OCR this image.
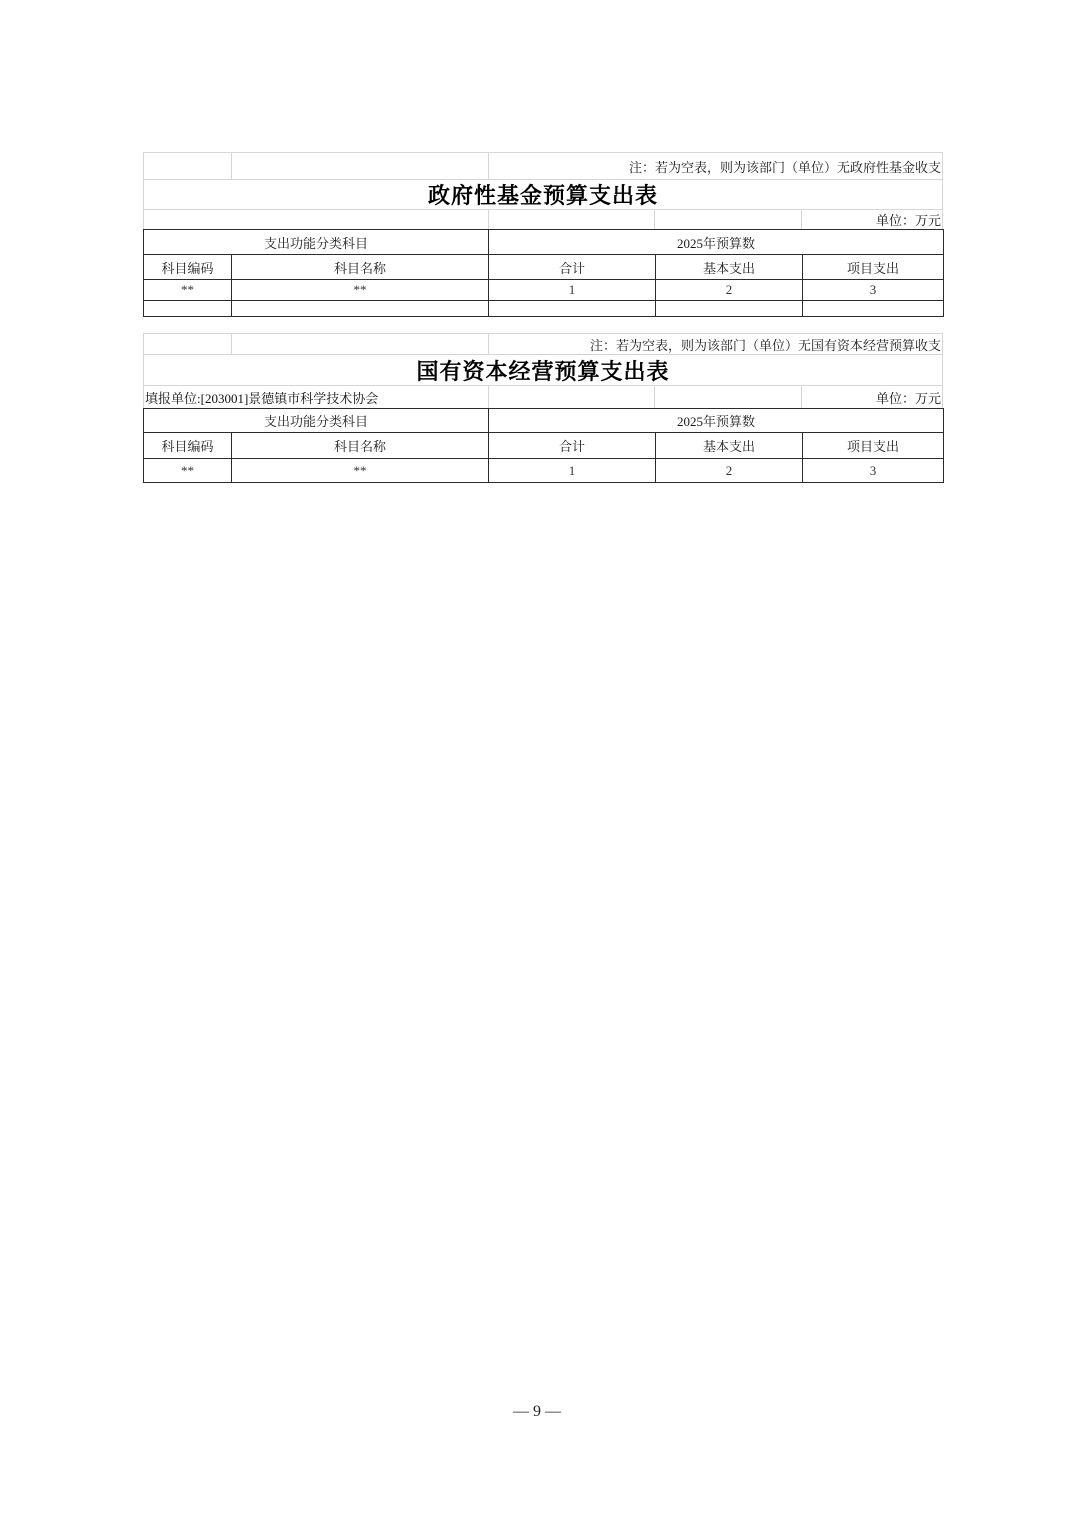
注：若为空表，则为该部门（单位）无政府性基金收支
政府性基金预算支出表
单位：万元
支出功能分类科目		2025年预算数		
科目编码	科目名称	合计	基本支出	项目支出
**	**	1	2	3

注：若为空表，则为该部门（单位）无国有资本经营预算收支
国有资本经营预算支出表
填报单位:[203001]景德镇市科学技术协会	单位：万元
支出功能分类科目		2025年预算数		
科目编码	科目名称	合计	基本支出	项目支出
**	**	1	2	3
— 9 —
